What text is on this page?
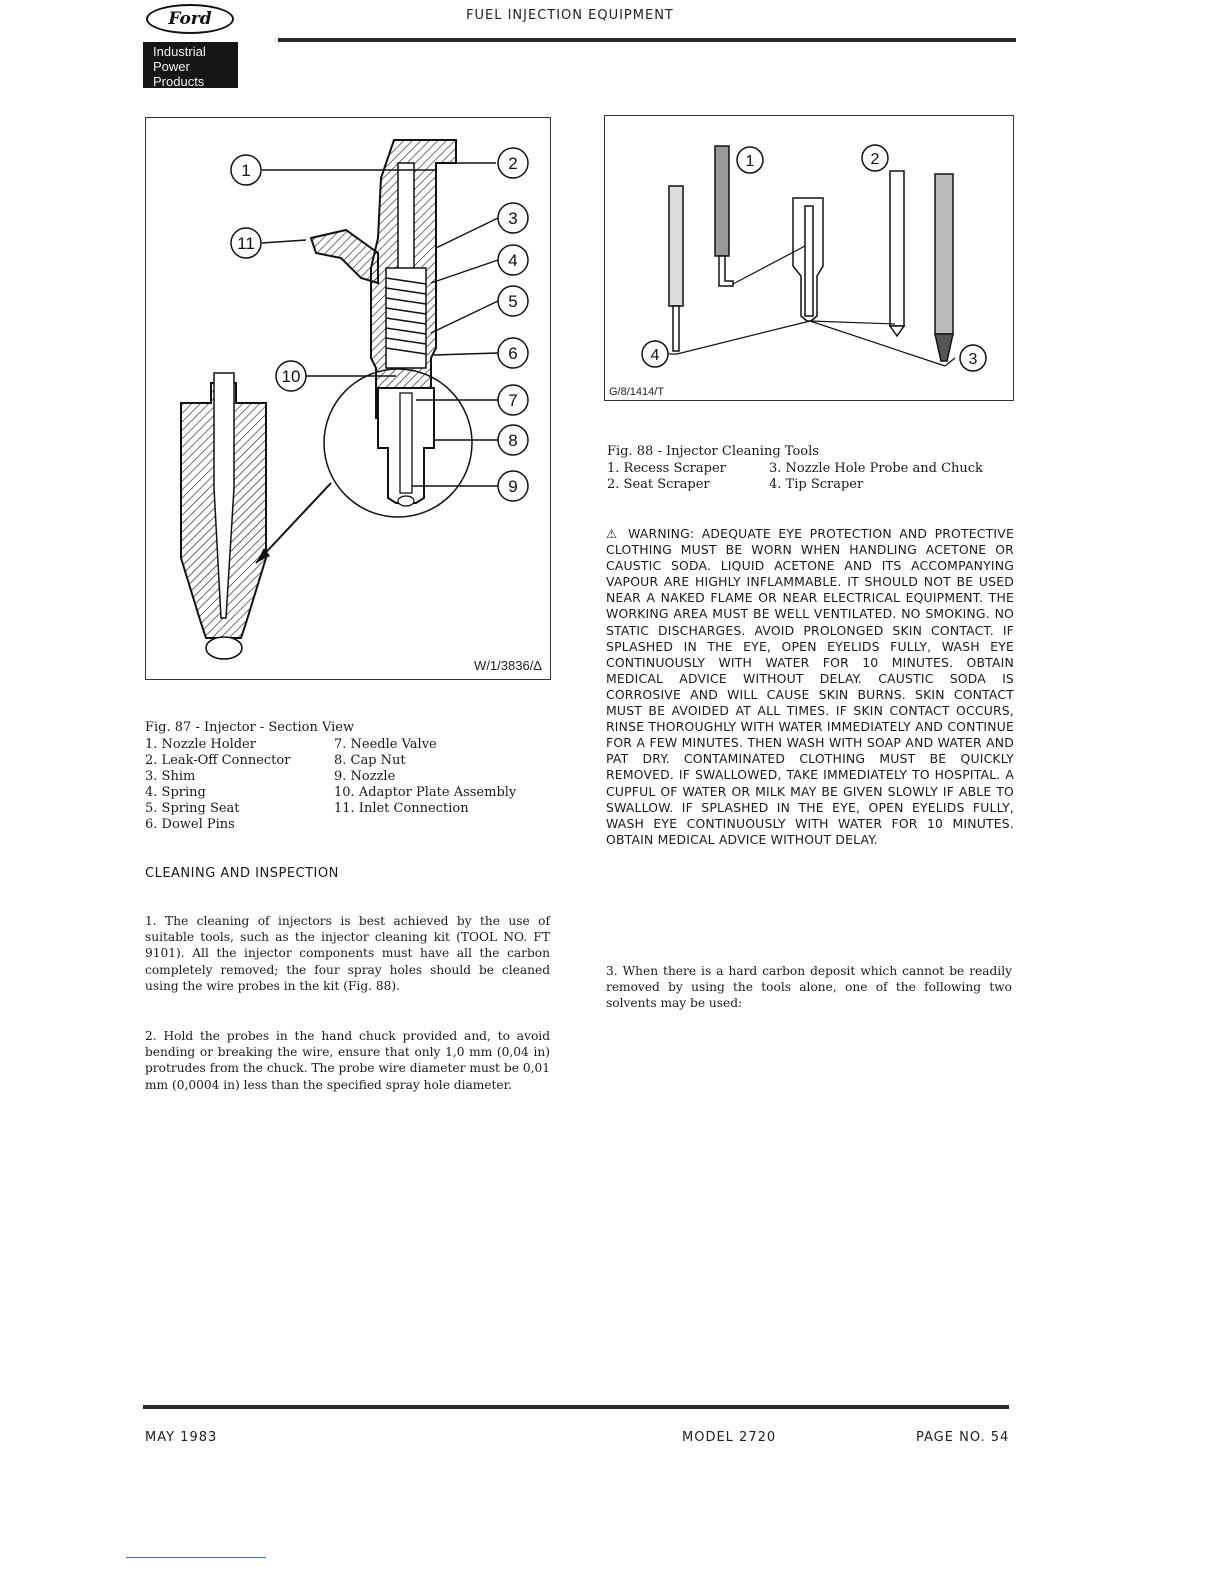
Ford
Industrial
Power
Products
FUEL INJECTION EQUIPMENT
1	2
3
4
5
6
7
8
9
10
11
W/1/3836/Δ
Fig. 87 - Injector - Section View
1. Nozzle Holder
2. Leak-Off Connector
3. Shim
4. Spring
5. Spring Seat
6. Dowel Pins
7. Needle Valve
8. Cap Nut
9. Nozzle
10. Adaptor Plate Assembly
11. Inlet Connection
CLEANING AND INSPECTION
1. The cleaning of injectors is best achieved by the use of suitable tools, such as the injector cleaning kit (TOOL NO. FT 9101). All the injector components must have all the carbon completely removed; the four spray holes should be cleaned using the wire probes in the kit (Fig. 88).
2. Hold the probes in the hand chuck provided and, to avoid bending or breaking the wire, ensure that only 1,0 mm (0,04 in) protrudes from the chuck. The probe wire diameter must be 0,01 mm (0,0004 in) less than the specified spray hole diameter.
1	2
3
4
G/8/1414/T
Fig. 88 - Injector Cleaning Tools
1. Recess Scraper
2. Seat Scraper
3. Nozzle Hole Probe and Chuck
4. Tip Scraper
⚠ WARNING: ADEQUATE EYE PROTECTION AND PROTECTIVE CLOTHING MUST BE WORN WHEN HANDLING ACETONE OR CAUSTIC SODA. LIQUID ACETONE AND ITS ACCOMPANYING VAPOUR ARE HIGHLY INFLAMMABLE. IT SHOULD NOT BE USED NEAR A NAKED FLAME OR NEAR ELECTRICAL EQUIPMENT. THE WORKING AREA MUST BE WELL VENTILATED. NO SMOKING. NO STATIC DISCHARGES. AVOID PROLONGED SKIN CONTACT. IF SPLASHED IN THE EYE, OPEN EYELIDS FULLY, WASH EYE CONTINUOUSLY WITH WATER FOR 10 MINUTES. OBTAIN MEDICAL ADVICE WITHOUT DELAY. CAUSTIC SODA IS CORROSIVE AND WILL CAUSE SKIN BURNS. SKIN CONTACT MUST BE AVOIDED AT ALL TIMES. IF SKIN CONTACT OCCURS, RINSE THOROUGHLY WITH WATER IMMEDIATELY AND CONTINUE FOR A FEW MINUTES. THEN WASH WITH SOAP AND WATER AND PAT DRY. CONTAMINATED CLOTHING MUST BE QUICKLY REMOVED. IF SWALLOWED, TAKE IMMEDIATELY TO HOSPITAL. A CUPFUL OF WATER OR MILK MAY BE GIVEN SLOWLY IF ABLE TO SWALLOW. IF SPLASHED IN THE EYE, OPEN EYELIDS FULLY, WASH EYE CONTINUOUSLY WITH WATER FOR 10 MINUTES. OBTAIN MEDICAL ADVICE WITHOUT DELAY.
3. When there is a hard carbon deposit which cannot be readily removed by using the tools alone, one of the following two solvents may be used:
MAY 1983	MODEL 2720	PAGE NO. 54
